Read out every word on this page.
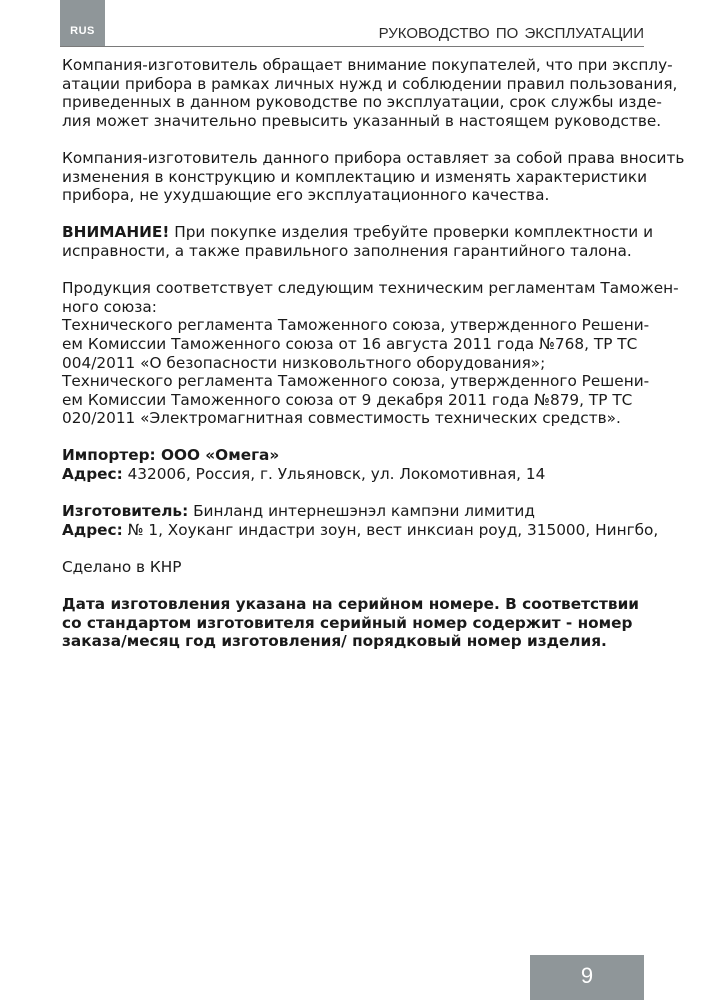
RUS	РУКОВОДСТВО ПО ЭКСПЛУАТАЦИИ

Компания-изготовитель обращает внимание покупателей, что при эксплу-
атации прибора в рамках личных нужд и соблюдении правил пользования,
приведенных в данном руководстве по эксплуатации, срок службы изде-
лия может значительно превысить указанный в настоящем руководстве.

Компания-изготовитель данного прибора оставляет за собой права вносить
изменения в конструкцию и комплектацию и изменять характеристики
прибора, не ухудшающие его эксплуатационного качества.

ВНИМАНИЕ! При покупке изделия требуйте проверки комплектности и
исправности, а также правильного заполнения гарантийного талона.

Продукция соответствует следующим техническим регламентам Таможен-
ного союза:
Технического регламента Таможенного союза, утвержденного Решени-
ем Комиссии Таможенного союза от 16 августа 2011 года №768, ТР ТС
004/2011 «О безопасности низковольтного оборудования»;
Технического регламента Таможенного союза, утвержденного Решени-
ем Комиссии Таможенного союза от 9 декабря 2011 года №879, ТР ТС
020/2011 «Электромагнитная совместимость технических средств».

Импортер: ООО «Омега»
Адрес: 432006, Россия, г. Ульяновск, ул. Локомотивная, 14

Изготовитель: Бинланд интернешэнэл кампэни лимитид
Адрес: № 1, Хоуканг индастри зоун, вест инксиан роуд, 315000, Нингбо,

Сделано в КНР

Дата изготовления указана на серийном номере. В соответствии
со стандартом изготовителя серийный номер содержит - номер
заказа/месяц год изготовления/ порядковый номер изделия.

9
